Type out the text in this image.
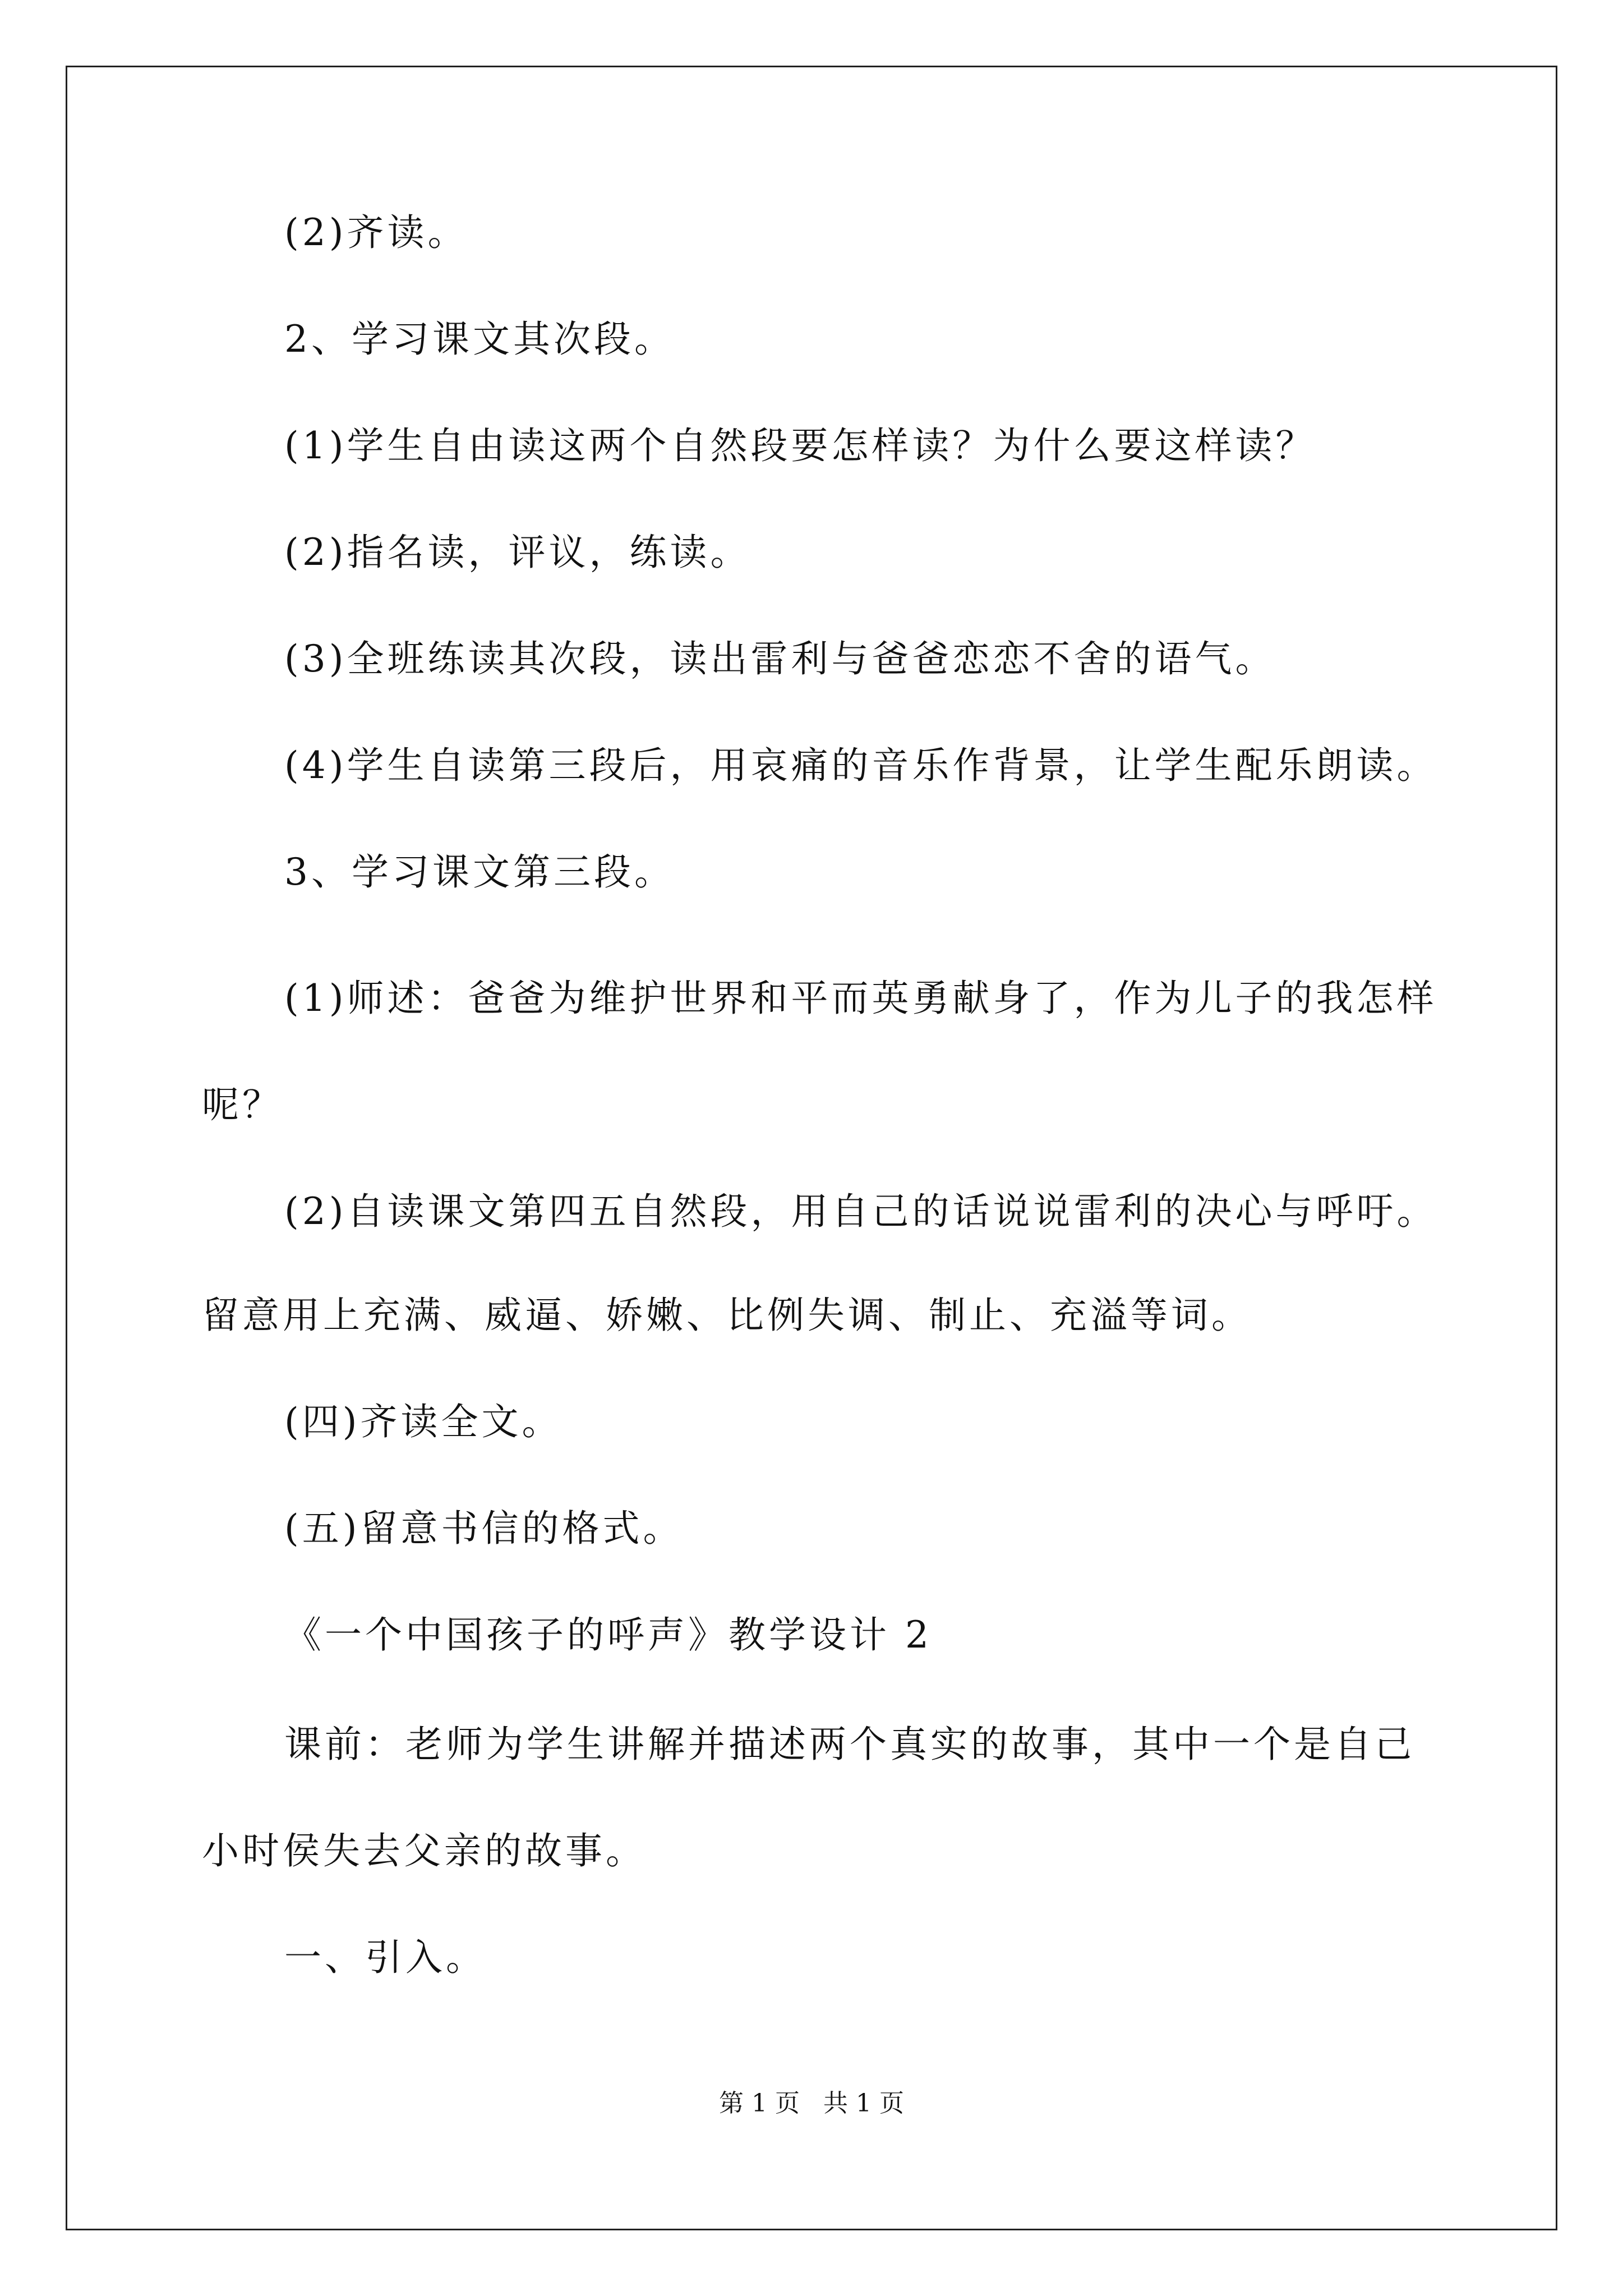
(2)齐读。
2、学习课文其次段。
(1)学生自由读这两个自然段要怎样读？为什么要这样读？
(2)指名读，评议，练读。
(3)全班练读其次段，读出雷利与爸爸恋恋不舍的语气。
(4)学生自读第三段后，用哀痛的音乐作背景，让学生配乐朗读。
3、学习课文第三段。
(1)师述：爸爸为维护世界和平而英勇献身了，作为儿子的我怎样
呢？
(2)自读课文第四五自然段，用自己的话说说雷利的决心与呼吁。
留意用上充满、威逼、娇嫩、比例失调、制止、充溢等词。
(四)齐读全文。
(五)留意书信的格式。
《一个中国孩子的呼声》教学设计 2
课前：老师为学生讲解并描述两个真实的故事，其中一个是自己
小时侯失去父亲的故事。
一、引入。
第 1 页   共 1 页
